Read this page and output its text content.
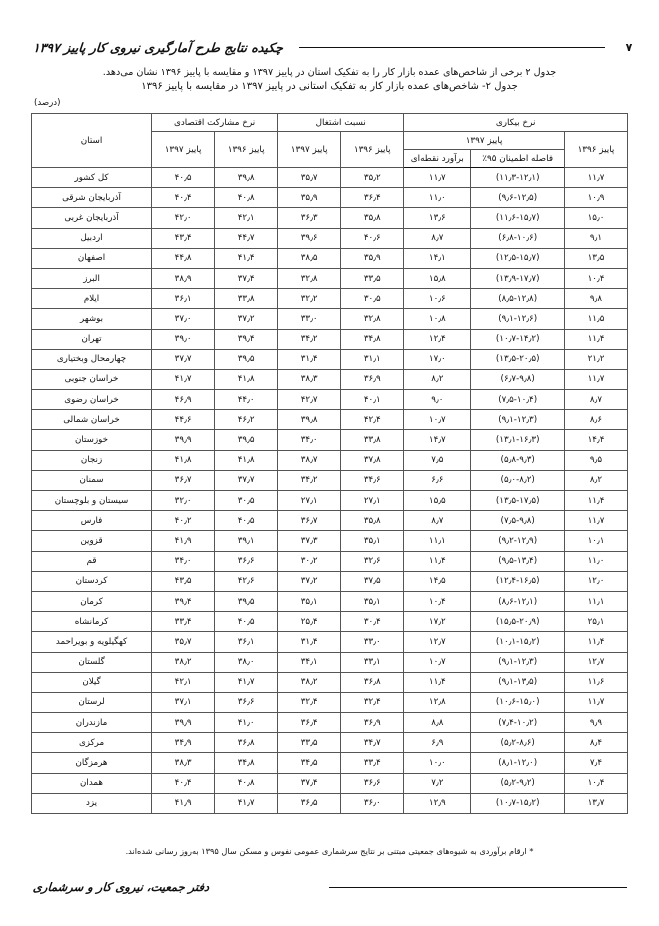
چکیده نتایج طرح آمارگیری نیروی کار پاییز ۱۳۹۷	۷
جدول ۲ برخی از شاخص‌های عمده بازار کار را به تفکیک استان در پاییز ۱۳۹۷ و مقایسه با پاییز ۱۳۹۶ نشان می‌دهد.
جدول ۲- شاخص‌های عمده بازار کار به تفکیک استانی در پاییز ۱۳۹۷ در مقایسه با پاییز ۱۳۹۶
(درصد)
نرخ بیکاری			نسبت اشتغال		نرخ مشارکت اقتصادی		استان
پاییز ۱۳۹۶	پاییز ۱۳۹۷		پاییز ۱۳۹۶	پاییز ۱۳۹۷	پاییز ۱۳۹۶	پاییز ۱۳۹۷	
	فاصله اطمینان ۹۵٪	برآورد نقطه‌ای					
۱۱٫۷	(۱۱٫۳-۱۲٫۱)	۱۱٫۷	۳۵٫۲	۳۵٫۷	۳۹٫۸	۴۰٫۵	کل کشور
۱۰٫۹	(۹٫۶-۱۲٫۵)	۱۱٫۰	۳۶٫۴	۳۵٫۹	۴۰٫۸	۴۰٫۴	آذربایجان شرقی
۱۵٫۰	(۱۱٫۶-۱۵٫۷)	۱۳٫۶	۳۵٫۸	۳۶٫۳	۴۲٫۱	۴۲٫۰	آذربایجان غربی
۹٫۱	(۶٫۸-۱۰٫۶)	۸٫۷	۴۰٫۶	۳۹٫۶	۴۴٫۷	۴۳٫۴	اردبیل
۱۳٫۵	(۱۲٫۵-۱۵٫۷)	۱۴٫۱	۳۵٫۹	۳۸٫۵	۴۱٫۴	۴۴٫۸	اصفهان
۱۰٫۴	(۱۳٫۹-۱۷٫۷)	۱۵٫۸	۳۳٫۵	۳۲٫۸	۳۷٫۴	۳۸٫۹	البرز
۹٫۸	(۸٫۵-۱۲٫۸)	۱۰٫۶	۳۰٫۵	۳۲٫۲	۳۳٫۸	۳۶٫۱	ایلام
۱۱٫۵	(۹٫۱-۱۲٫۶)	۱۰٫۸	۳۲٫۸	۳۳٫۰	۳۷٫۲	۳۷٫۰	بوشهر
۱۱٫۴	(۱۰٫۷-۱۴٫۲)	۱۲٫۴	۳۴٫۸	۳۴٫۲	۳۹٫۴	۳۹٫۰	تهران
۲۱٫۲	(۱۳٫۵-۲۰٫۵)	۱۷٫۰	۳۱٫۱	۳۱٫۴	۳۹٫۵	۳۷٫۷	چهارمحال وبختیاری
۱۱٫۷	(۶٫۷-۹٫۸)	۸٫۲	۳۶٫۹	۳۸٫۳	۴۱٫۸	۴۱٫۷	خراسان جنوبی
۸٫۷	(۷٫۵-۱۰٫۴)	۹٫۰	۴۰٫۱	۴۲٫۷	۴۴٫۰	۴۶٫۹	خراسان رضوی
۸٫۶	(۹٫۱-۱۲٫۳)	۱۰٫۷	۴۲٫۴	۳۹٫۸	۴۶٫۲	۴۴٫۶	خراسان شمالی
۱۴٫۴	(۱۳٫۱-۱۶٫۳)	۱۴٫۷	۳۳٫۸	۳۴٫۰	۳۹٫۵	۳۹٫۹	خوزستان
۹٫۵	(۵٫۸-۹٫۳)	۷٫۵	۳۷٫۸	۳۸٫۷	۴۱٫۸	۴۱٫۸	زنجان
۸٫۲	(۵٫۰-۸٫۲)	۶٫۶	۳۴٫۶	۳۴٫۲	۳۷٫۷	۳۶٫۷	سمنان
۱۱٫۴	(۱۳٫۵-۱۷٫۵)	۱۵٫۵	۲۷٫۱	۲۷٫۱	۳۰٫۵	۳۲٫۰	سیستان و بلوچستان
۱۱٫۷	(۷٫۵-۹٫۸)	۸٫۷	۳۵٫۸	۳۶٫۷	۴۰٫۵	۴۰٫۲	فارس
۱۰٫۱	(۹٫۲-۱۲٫۹)	۱۱٫۱	۳۵٫۱	۳۷٫۳	۳۹٫۱	۴۱٫۹	قزوین
۱۱٫۰	(۹٫۵-۱۳٫۴)	۱۱٫۴	۳۲٫۶	۳۰٫۲	۳۶٫۶	۳۴٫۰	قم
۱۲٫۰	(۱۲٫۴-۱۶٫۵)	۱۴٫۵	۳۷٫۵	۳۷٫۲	۴۲٫۶	۴۳٫۵	کردستان
۱۱٫۱	(۸٫۶-۱۲٫۱)	۱۰٫۴	۳۵٫۱	۳۵٫۱	۳۹٫۵	۳۹٫۴	کرمان
۲۵٫۱	(۱۵٫۵-۲۰٫۹)	۱۷٫۲	۳۰٫۴	۲۵٫۴	۴۰٫۵	۳۳٫۴	کرمانشاه
۱۱٫۴	(۱۰٫۱-۱۵٫۲)	۱۲٫۷	۳۳٫۰	۳۱٫۴	۳۶٫۱	۳۵٫۷	کهگیلویه و بویراحمد
۱۲٫۷	(۹٫۱-۱۲٫۳)	۱۰٫۷	۳۳٫۱	۳۴٫۱	۳۸٫۰	۳۸٫۲	گلستان
۱۱٫۶	(۹٫۱-۱۳٫۵)	۱۱٫۴	۳۶٫۸	۳۸٫۲	۴۱٫۷	۴۲٫۱	گیلان
۱۱٫۷	(۱۰٫۶-۱۵٫۰)	۱۲٫۸	۳۲٫۴	۳۲٫۴	۳۶٫۶	۳۷٫۱	لرستان
۹٫۹	(۷٫۴-۱۰٫۲)	۸٫۸	۳۶٫۹	۳۶٫۴	۴۱٫۰	۳۹٫۹	مازندران
۸٫۴	(۵٫۲-۸٫۶)	۶٫۹	۳۴٫۷	۳۳٫۵	۳۶٫۸	۳۴٫۹	مرکزی
۷٫۴	(۸٫۱-۱۲٫۰)	۱۰٫۰	۳۳٫۴	۳۴٫۵	۳۴٫۸	۳۸٫۳	هرمزگان
۱۰٫۴	(۵٫۲-۹٫۲)	۷٫۲	۳۶٫۶	۳۷٫۴	۴۰٫۸	۴۰٫۴	همدان
۱۳٫۷	(۱۰٫۷-۱۵٫۲)	۱۲٫۹	۳۶٫۰	۳۶٫۵	۴۱٫۷	۴۱٫۹	یزد
* ارقام برآوردی به شیوه‌های جمعیتی مبتنی بر نتایج سرشماری عمومی نفوس و مسکن سال ۱۳۹۵ به‌روز رسانی شده‌اند.
دفتر جمعیت، نیروی کار و سرشماری
